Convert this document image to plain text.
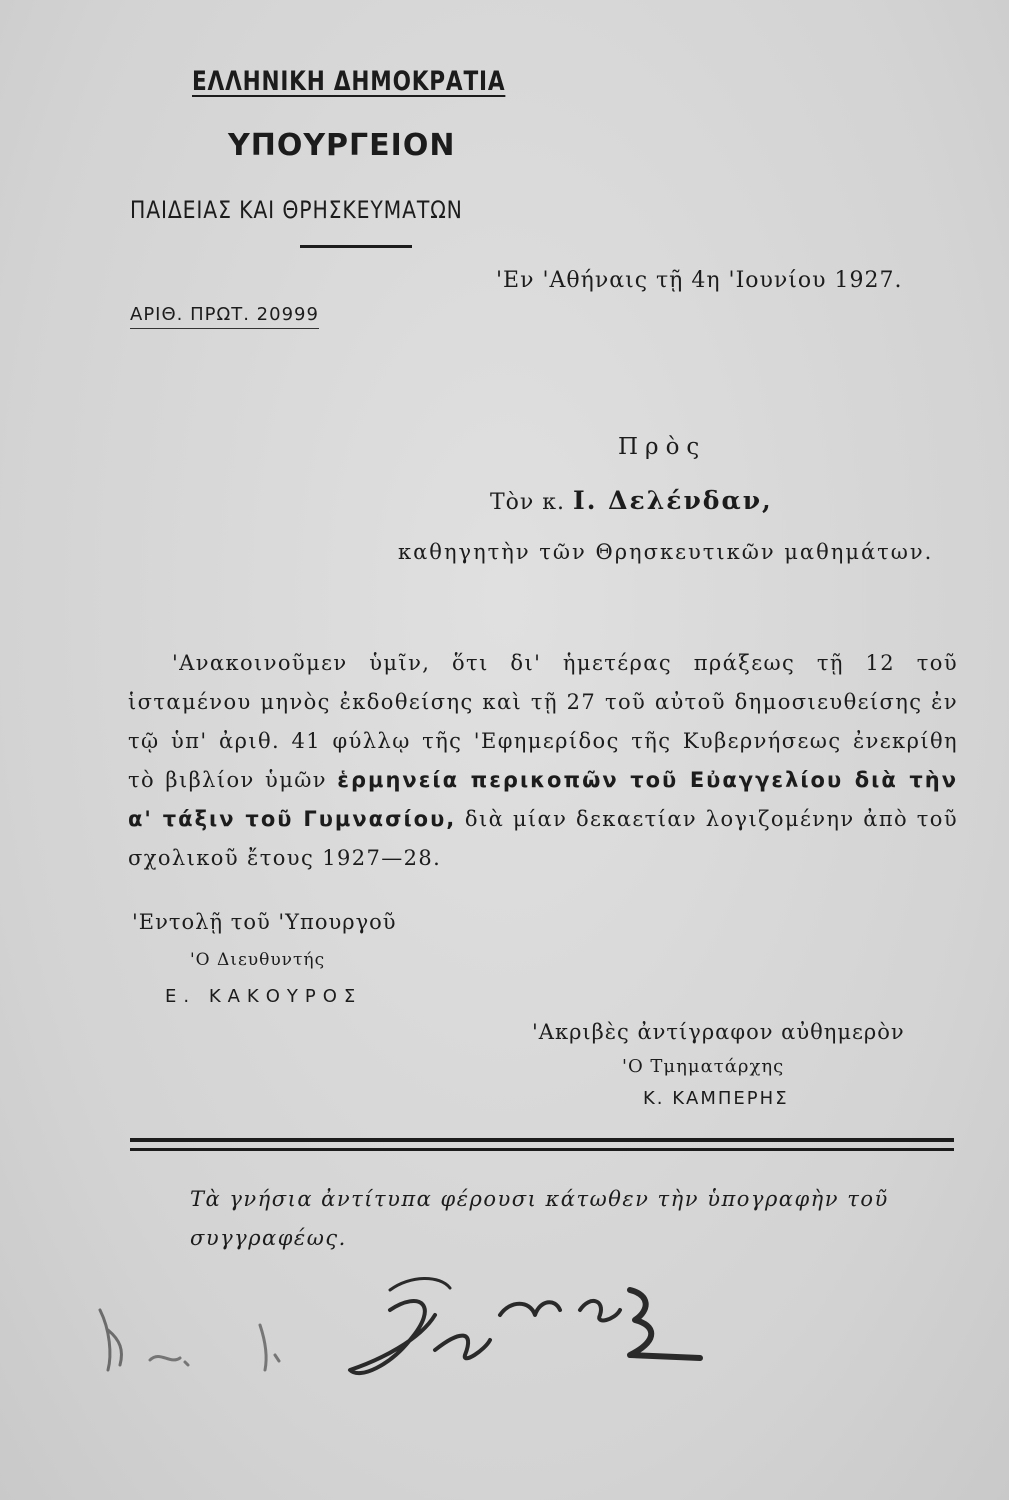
ΕΛΛΗΝΙΚΗ ΔΗΜΟΚΡΑΤΙΑ
ΥΠΟΥΡΓΕΙΟΝ
ΠΑΙΔΕΙΑΣ ΚΑΙ ΘΡΗΣΚΕΥΜΑΤΩΝ
'Εν 'Αθήναις τῇ 4η 'Ιουνίου 1927.
ΑΡΙΘ. ΠΡΩΤ. 20999
Πρὸς
Τὸν κ. Ι. Δελένδαν,
καθηγητὴν τῶν Θρησκευτικῶν μαθημάτων.
'Ανακοινοῦμεν ὑμῖν, ὅτι δι' ἡμετέρας πράξεως τῇ 12 τοῦ ἱσταμένου μηνὸς ἐκδοθείσης καὶ τῇ 27 τοῦ αὐτοῦ δημοσιευθείσης ἐν τῷ ὑπ' ἀριθ. 41 φύλλῳ τῆς 'Εφημερίδος τῆς Κυβερνήσεως ἐνεκρίθη τὸ βιβλίον ὑμῶν ἑρμηνεία περικοπῶν τοῦ Εὐαγγελίου διὰ τὴν α' τάξιν τοῦ Γυμνασίου, διὰ μίαν δεκαετίαν λογιζομένην ἀπὸ τοῦ σχολικοῦ ἔτους 1927—28.
'Εντολῇ τοῦ 'Υπουργοῦ
'Ο Διευθυντής
Ε. ΚΑΚΟΥΡΟΣ
'Ακριβὲς ἀντίγραφον αὐθημερὸν
'Ο Τμηματάρχης
Κ. ΚΑΜΠΕΡΗΣ
Τὰ γνήσια ἀντίτυπα φέρουσι κάτωθεν τὴν ὑπογραφὴν τοῦ συγγραφέως.
